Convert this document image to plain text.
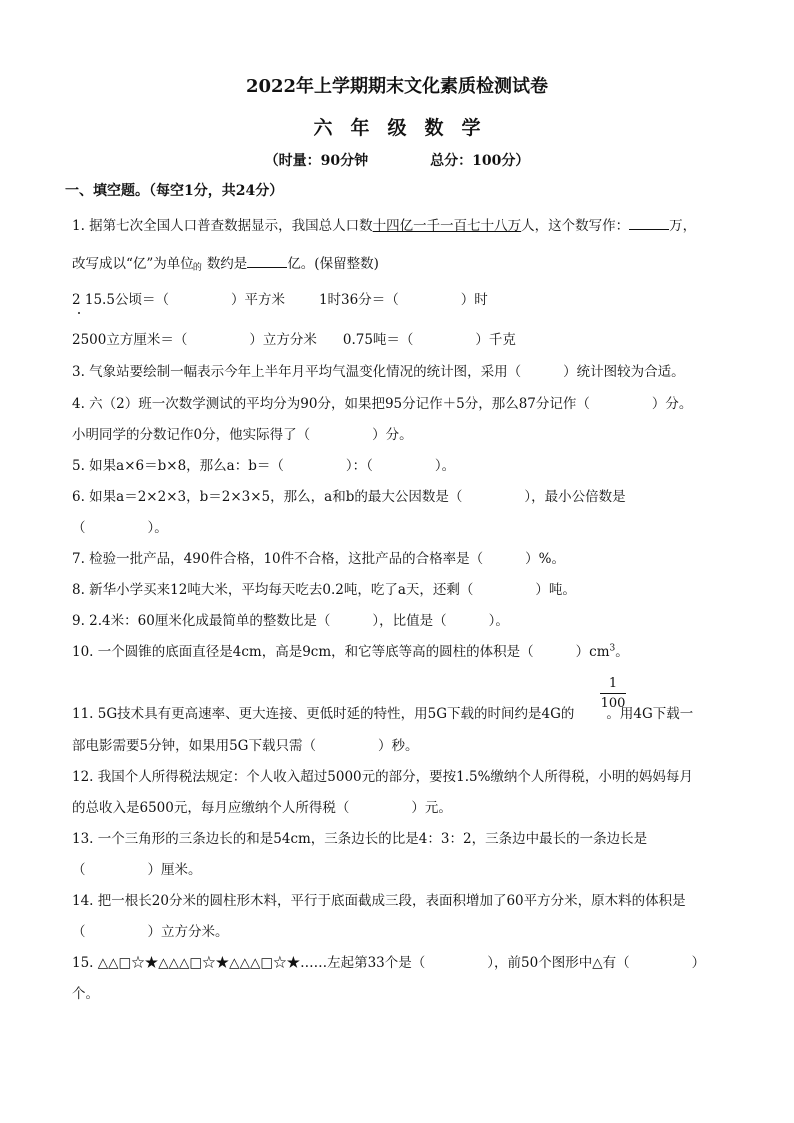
2022年上学期期末文化素质检测试卷
六年级数学
（时量：90分钟	总分：100分）
一、填空题。（每空1分，共24分）
1. 据第七次全国人口普查数据显示，我国总人口数十四亿一千一百七十八万人，这个数写作：	万，
改写成以“亿”为单位 的 数约是	亿。(保留整数)
2 15.5公顷＝（	）平方米	1时36分＝（	）时
2500立方厘米＝（	）立方分米 0.75吨＝（	）千克
3. 气象站要绘制一幅表示今年上半年月平均气温变化情况的统计图，采用（	）统计图较为合适。
4. 六（2）班一次数学测试的平均分为90分，如果把95分记作＋5分，那么87分记作（	）分。
小明同学的分数记作0分，他实际得了（	）分。
5. 如果a×6＝b×8，那么a：b＝（	）：（	）。
6. 如果a＝2×2×3，b＝2×3×5，那么，a和b的最大公因数是（	），最小公倍数是
（	）。
7. 检验一批产品，490件合格，10件不合格，这批产品的合格率是（	）%。
8. 新华小学买来12吨大米，平均每天吃去0.2吨，吃了a天，还剩（	）吨。
9. 2.4米：60厘米化成最简单的整数比是（	），比值是（	）。
10. 一个圆锥的底面直径是4cm，高是9cm，和它等底等高的圆柱的体积是（	）$cm^3$。
1
100
11. 5G技术具有更高速率、更大连接、更低时延的特性，用5G下载的时间约是4G的 。用4G下载一
部电影需要5分钟，如果用5G下载只需（	）秒。
12. 我国个人所得税法规定：个人收入超过5000元的部分，要按1.5%缴纳个人所得税，小明的妈妈每月
的总收入是6500元，每月应缴纳个人所得税（	）元。
13. 一个三角形的三条边长的和是54cm，三条边长的比是4：3：2，三条边中最长的一条边长是
（	）厘米。
14. 把一根长20分米的圆柱形木料，平行于底面截成三段，表面积增加了60平方分米，原木料的体积是
（	）立方分米。
15. △△□☆★△△△□☆★△△△□☆★……左起第33个是（	），前50个图形中△有（	）
个。
